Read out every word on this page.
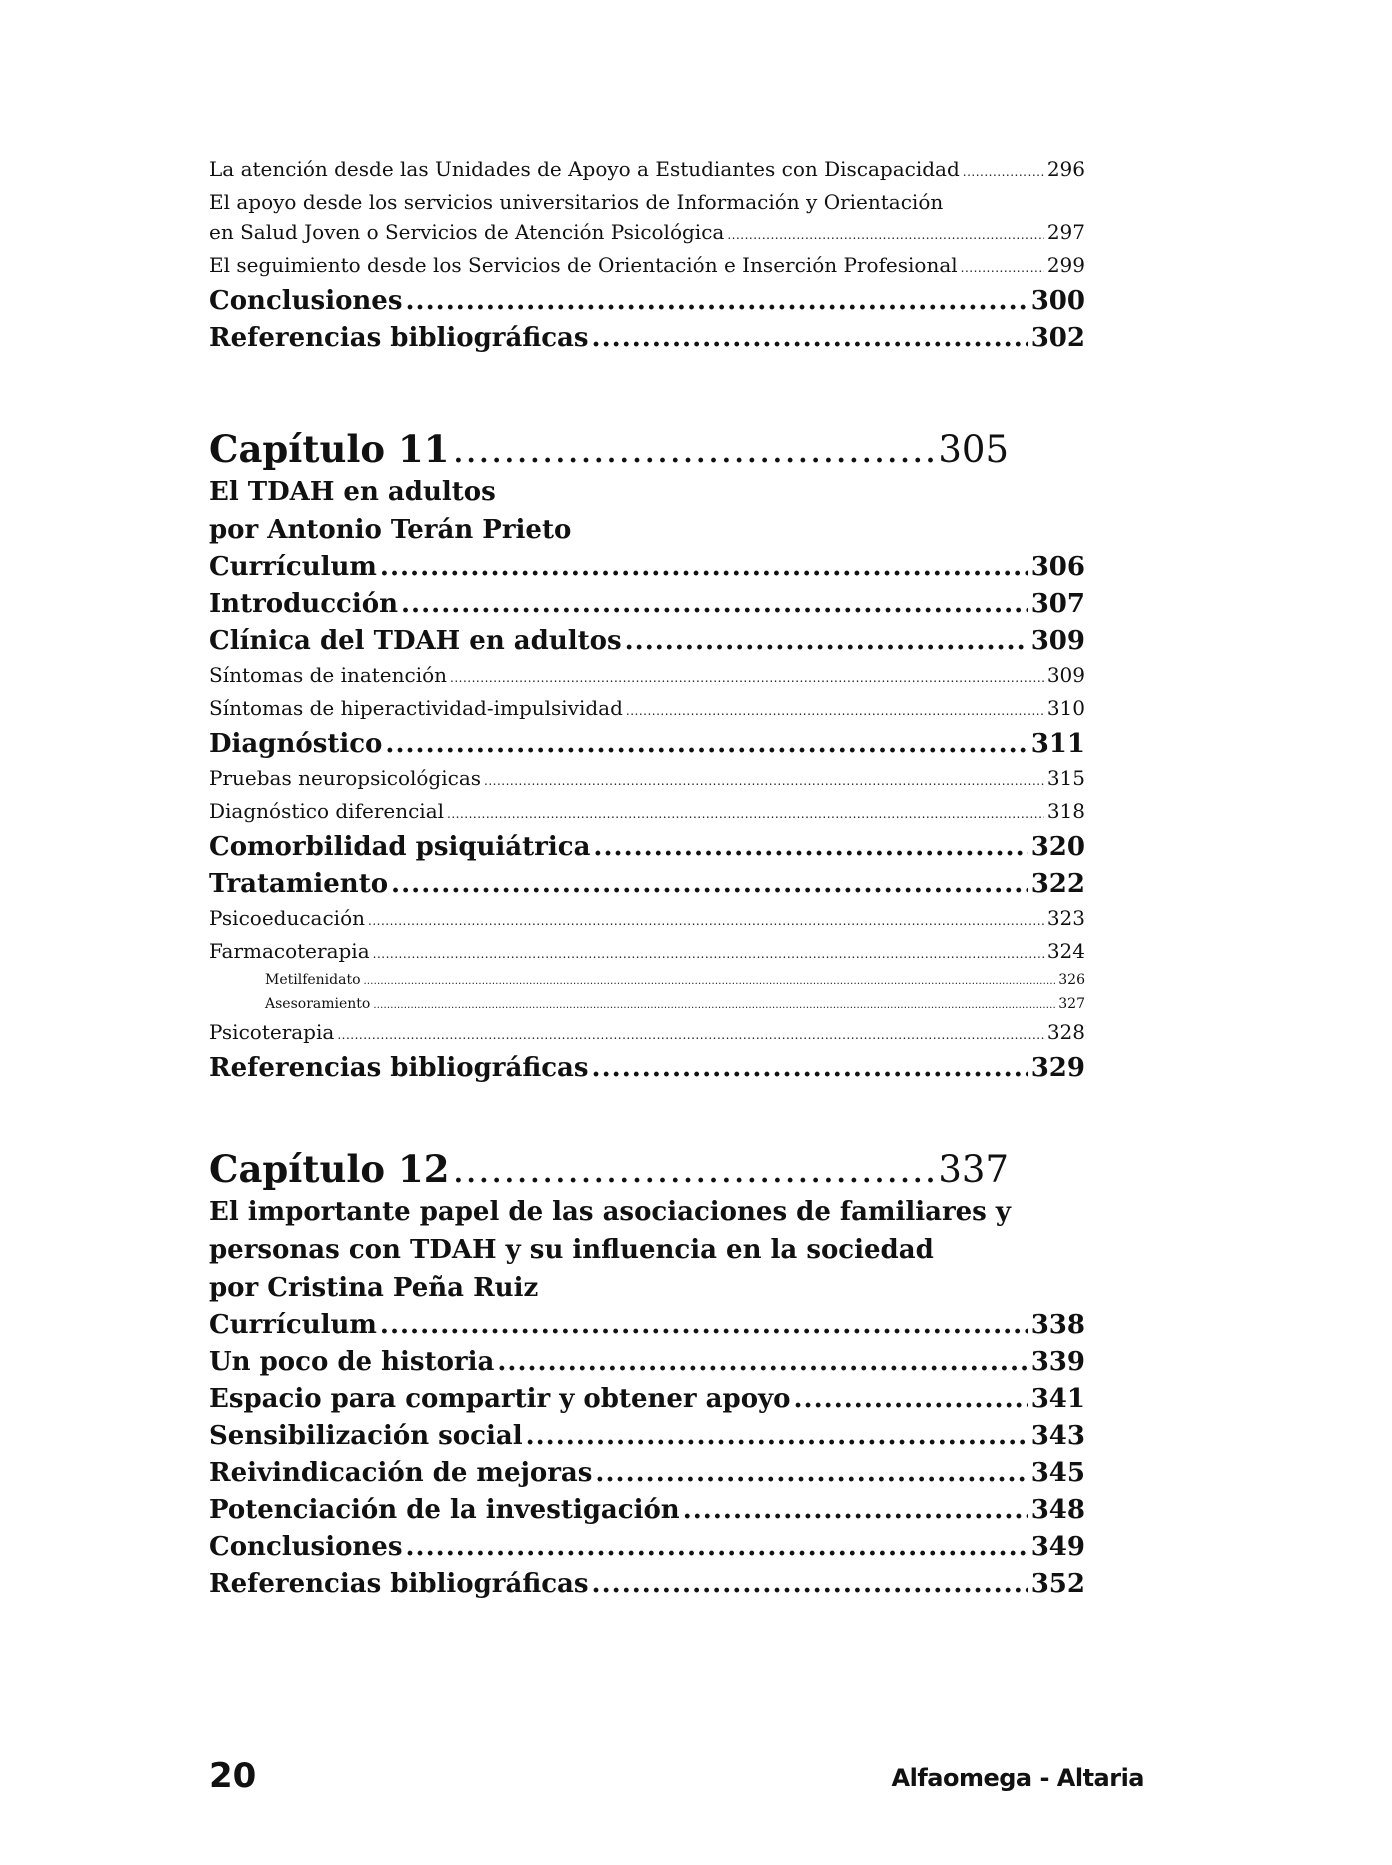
La atención desde las Unidades de Apoyo a Estudiantes con Discapacidad .....	296
El apoyo desde los servicios universitarios de Información y Orientación
en Salud Joven o Servicios de Atención Psicológica .....	297
El seguimiento desde los Servicios de Orientación e Inserción Profesional .....	299
Conclusiones .....	300
Referencias bibliográficas .....	302
Capítulo 11 .....	305
El TDAH en adultos
por Antonio Terán Prieto
Currículum .....	306
Introducción .....	307
Clínica del TDAH en adultos .....	309
Síntomas de inatención .....	309
Síntomas de hiperactividad-impulsividad .....	310
Diagnóstico .....	311
Pruebas neuropsicológicas .....	315
Diagnóstico diferencial .....	318
Comorbilidad psiquiátrica .....	320
Tratamiento .....	322
Psicoeducación .....	323
Farmacoterapia .....	324
Metilfenidato .....	326
Asesoramiento .....	327
Psicoterapia .....	328
Referencias bibliográficas .....	329
Capítulo 12 .....	337
El importante papel de las asociaciones de familiares y
personas con TDAH y su influencia en la sociedad
por Cristina Peña Ruiz
Currículum .....	338
Un poco de historia .....	339
Espacio para compartir y obtener apoyo .....	341
Sensibilización social .....	343
Reivindicación de mejoras .....	345
Potenciación de la investigación .....	348
Conclusiones .....	349
Referencias bibliográficas .....	352
20	Alfaomega - Altaria
